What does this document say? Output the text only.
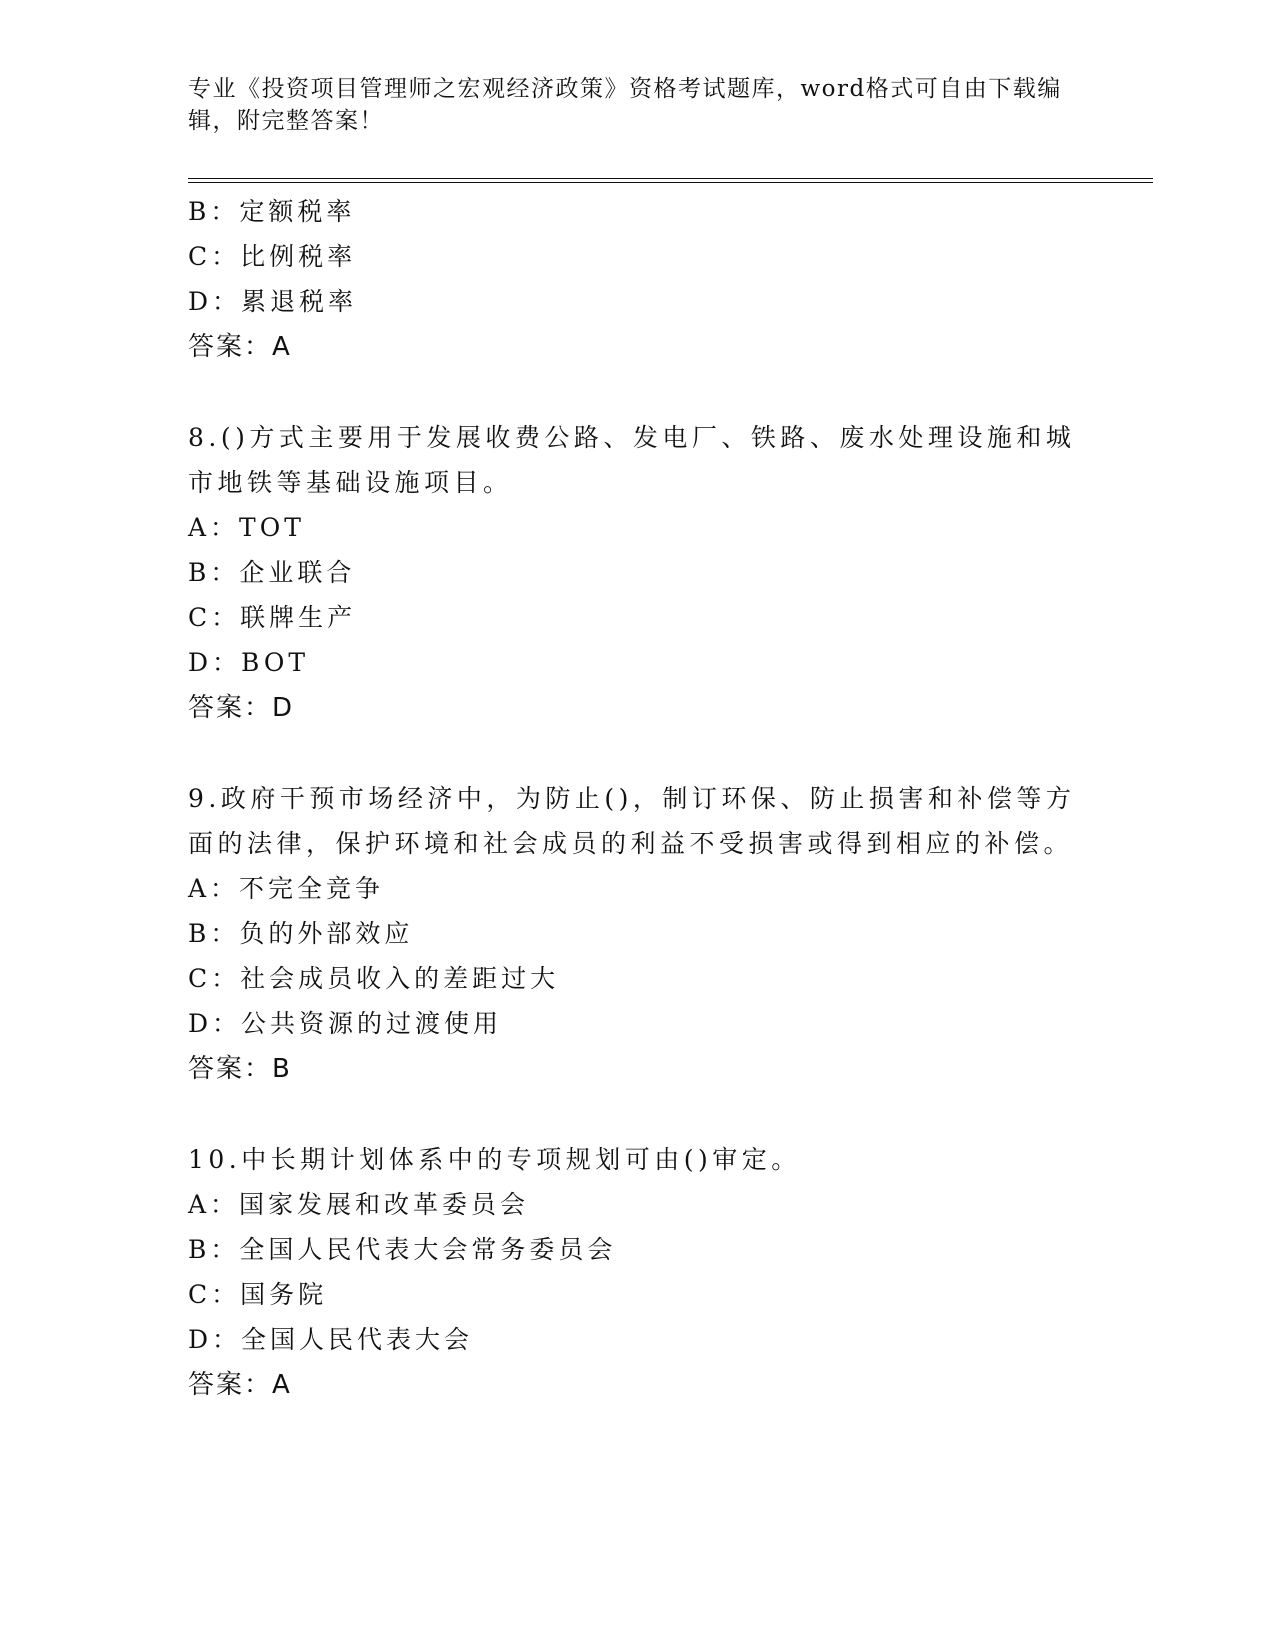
专业《投资项目管理师之宏观经济政策》资格考试题库，word格式可自由下载编
辑，附完整答案！
B：定额税率
C：比例税率
D：累退税率
答案：A
8.()方式主要用于发展收费公路、发电厂、铁路、废水处理设施和城
市地铁等基础设施项目。
A：TOT
B：企业联合
C：联牌生产
D：BOT
答案：D
9.政府干预市场经济中，为防止()，制订环保、防止损害和补偿等方
面的法律，保护环境和社会成员的利益不受损害或得到相应的补偿。
A：不完全竞争
B：负的外部效应
C：社会成员收入的差距过大
D：公共资源的过渡使用
答案：B
10.中长期计划体系中的专项规划可由()审定。
A：国家发展和改革委员会
B：全国人民代表大会常务委员会
C：国务院
D：全国人民代表大会
答案：A
